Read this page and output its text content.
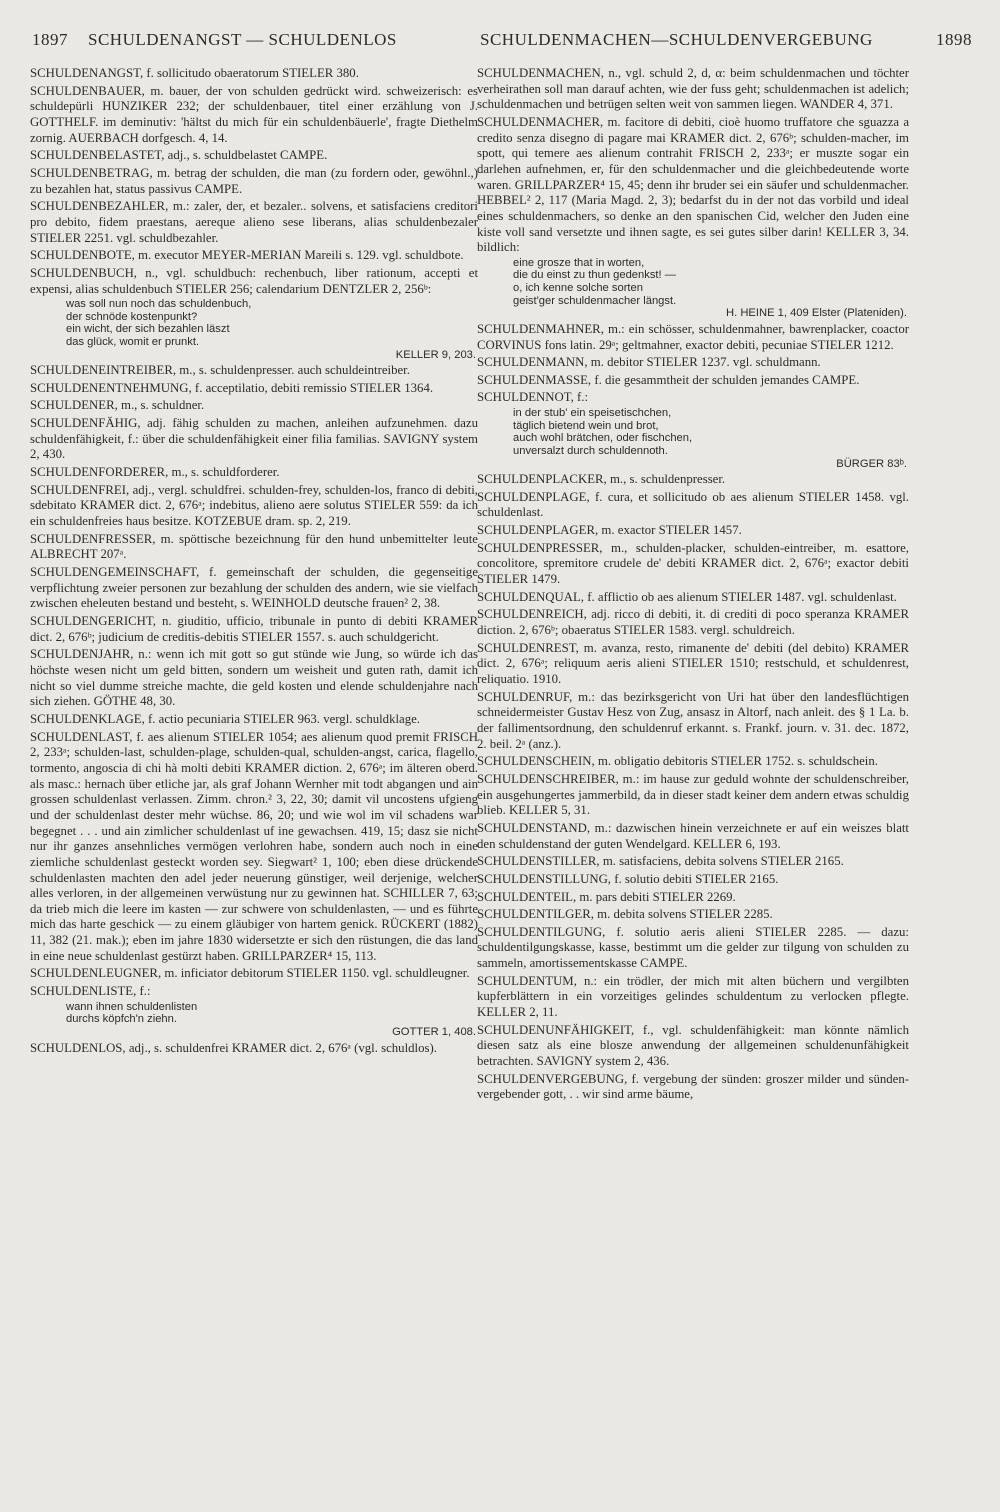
1897 SCHULDENANGST — SCHULDENLOS	SCHULDENMACHEN—SCHULDENVERGEBUNG	1898

SCHULDENANGST, f. sollicitudo obaeratorum STIELER 380.

SCHULDENBAUER, m. bauer, der von schulden gedrückt wird. schweizerisch: es schuldepürli HUNZIKER 232; der schuldenbauer, titel einer erzählung von J. GOTTHELF. im deminutiv: 'hältst du mich für ein schuldenbäuerle', fragte Diethelm zornig. AUERBACH dorfgesch. 4, 14.

SCHULDENBELASTET, adj., s. schuldbelastet CAMPE.

SCHULDENBETRAG, m. betrag der schulden, die man (zu fordern oder, gewöhnl.,) zu bezahlen hat, status passivus CAMPE.

SCHULDENBEZAHLER, m.: zaler, der, et bezaler.. solvens, et satisfaciens creditori pro debito, fidem praestans, aereque alieno sese liberans, alias schuldenbezaler STIELER 2251. vgl. schuldbezahler.

SCHULDENBOTE, m. executor MEYER-MERIAN Mareili s. 129. vgl. schuldbote.

SCHULDENBUCH, n., vgl. schuldbuch: rechenbuch, liber rationum, accepti et expensi, alias schuldenbuch STIELER 256; calendarium DENTZLER 2, 256ᵇ:

was soll nun noch das schuldenbuch,
der schnöde kostenpunkt?
ein wicht, der sich bezahlen läszt
das glück, womit er prunkt.
KELLER 9, 203.

SCHULDENEINTREIBER, m., s. schuldenpresser. auch schuldeintreiber.

SCHULDENENTNEHMUNG, f. acceptilatio, debiti remissio STIELER 1364.

SCHULDENER, m., s. schuldner.

SCHULDENFÄHIG, adj. fähig schulden zu machen, anleihen aufzunehmen. dazu schuldenfähigkeit, f.: über die schuldenfähigkeit einer filia familias. SAVIGNY system 2, 430.

SCHULDENFORDERER, m., s. schuldforderer.

SCHULDENFREI, adj., vergl. schuldfrei. schulden-frey, schulden-los, franco di debiti, sdebitato KRAMER dict. 2, 676ᵃ; indebitus, alieno aere solutus STIELER 559: da ich ein schuldenfreies haus besitze. KOTZEBUE dram. sp. 2, 219.

SCHULDENFRESSER, m. spöttische bezeichnung für den hund unbemittelter leute ALBRECHT 207ᵃ.

SCHULDENGEMEINSCHAFT, f. gemeinschaft der schulden, die gegenseitige verpflichtung zweier personen zur bezahlung der schulden des andern, wie sie vielfach zwischen eheleuten bestand und besteht, s. WEINHOLD deutsche frauen² 2, 38.

SCHULDENGERICHT, n. giuditio, ufficio, tribunale in punto di debiti KRAMER dict. 2, 676ᵇ; judicium de creditis-debitis STIELER 1557. s. auch schuldgericht.

SCHULDENJAHR, n.: wenn ich mit gott so gut stünde wie Jung, so würde ich das höchste wesen nicht um geld bitten, sondern um weisheit und guten rath, damit ich nicht so viel dumme streiche machte, die geld kosten und elende schuldenjahre nach sich ziehen. GÖTHE 48, 30.

SCHULDENKLAGE, f. actio pecuniaria STIELER 963. vergl. schuldklage.

SCHULDENLAST, f. aes alienum STIELER 1054; aes alienum quod premit FRISCH 2, 233ᵃ; schulden-last, schulden-plage, schulden-qual, schulden-angst, carica, flagello, tormento, angoscia di chi hà molti debiti KRAMER diction. 2, 676ᵃ; im älteren oberd. als masc.: hernach über etliche jar, als graf Johann Wernher mit todt abgangen und ain grossen schuldenlast verlassen. Zimm. chron.² 3, 22, 30; damit vil uncostens ufgieng und der schuldenlast dester mehr wüchse. 86, 20; und wie wol im vil schadens war begegnet . . . und ain zimlicher schuldenlast uf ine gewachsen. 419, 15; dasz sie nicht nur ihr ganzes ansehnliches vermögen verlohren habe, sondern auch noch in eine ziemliche schuldenlast gesteckt worden sey. Siegwart² 1, 100; eben diese drückende schuldenlasten machten den adel jeder neuerung günstiger, weil derjenige, welcher alles verloren, in der allgemeinen verwüstung nur zu gewinnen hat. SCHILLER 7, 63; da trieb mich die leere im kasten — zur schwere von schuldenlasten, — und es führte mich das harte geschick — zu einem gläubiger von hartem genick. RÜCKERT (1882) 11, 382 (21. mak.); eben im jahre 1830 widersetzte er sich den rüstungen, die das land in eine neue schuldenlast gestürzt haben. GRILLPARZER⁴ 15, 113.

SCHULDENLEUGNER, m. inficiator debitorum STIELER 1150. vgl. schuldleugner.

SCHULDENLISTE, f.:

wann ihnen schuldenlisten
durchs köpfch'n ziehn.
GOTTER 1, 408.

SCHULDENLOS, adj., s. schuldenfrei KRAMER dict. 2, 676ᵃ (vgl. schuldlos).

SCHULDENMACHEN, n., vgl. schuld 2, d, α: beim schuldenmachen und töchter verheirathen soll man darauf achten, wie der fuss geht; schuldenmachen ist adelich; schuldenmachen und betrügen selten weit von sammen liegen. WANDER 4, 371.

SCHULDENMACHER, m. facitore di debiti, cioè huomo truffatore che sguazza a credito senza disegno di pagare mai KRAMER dict. 2, 676ᵇ; schulden-macher, im spott, qui temere aes alienum contrahit FRISCH 2, 233ᵃ; er muszte sogar ein darlehen aufnehmen, er, für den schuldenmacher und die gleichbedeutende worte waren. GRILLPARZER⁴ 15, 45; denn ihr bruder sei ein säufer und schuldenmacher. HEBBEL² 2, 117 (Maria Magd. 2, 3); bedarfst du in der not das vorbild und ideal eines schuldenmachers, so denke an den spanischen Cid, welcher den Juden eine kiste voll sand versetzte und ihnen sagte, es sei gutes silber darin! KELLER 3, 34. bildlich:

eine grosze that in worten,
die du einst zu thun gedenkst! —
o, ich kenne solche sorten
geist'ger schuldenmacher längst.
H. HEINE 1, 409 Elster (Plateniden).

SCHULDENMAHNER, m.: ein schösser, schuldenmahner, bawrenplacker, coactor CORVINUS fons latin. 29ᵃ; geltmahner, exactor debiti, pecuniae STIELER 1212.

SCHULDENMANN, m. debitor STIELER 1237. vgl. schuldmann.

SCHULDENMASSE, f. die gesammtheit der schulden jemandes CAMPE.

SCHULDENNOT, f.:

in der stub' ein speisetischchen,
täglich bietend wein und brot,
auch wohl brätchen, oder fischchen,
unversalzt durch schuldennoth.
BÜRGER 83ᵇ.

SCHULDENPLACKER, m., s. schuldenpresser.

SCHULDENPLAGE, f. cura, et sollicitudo ob aes alienum STIELER 1458. vgl. schuldenlast.

SCHULDENPLAGER, m. exactor STIELER 1457.

SCHULDENPRESSER, m., schulden-placker, schulden-eintreiber, m. esattore, concolitore, spremitore crudele de' debiti KRAMER dict. 2, 676ᵃ; exactor debiti STIELER 1479.

SCHULDENQUAL, f. afflictio ob aes alienum STIELER 1487. vgl. schuldenlast.

SCHULDENREICH, adj. ricco di debiti, it. di crediti di poco speranza KRAMER diction. 2, 676ᵇ; obaeratus STIELER 1583. vergl. schuldreich.

SCHULDENREST, m. avanza, resto, rimanente de' debiti (del debito) KRAMER dict. 2, 676ᵃ; reliquum aeris alieni STIELER 1510; restschuld, et schuldenrest, reliquatio. 1910.

SCHULDENRUF, m.: das bezirksgericht von Uri hat über den landesflüchtigen schneidermeister Gustav Hesz von Zug, ansasz in Altorf, nach anleit. des § 1 La. b. der fallimentsordnung, den schuldenruf erkannt. s. Frankf. journ. v. 31. dec. 1872, 2. beil. 2ᵃ (anz.).

SCHULDENSCHEIN, m. obligatio debitoris STIELER 1752. s. schuldschein.

SCHULDENSCHREIBER, m.: im hause zur geduld wohnte der schuldenschreiber, ein ausgehungertes jammerbild, da in dieser stadt keiner dem andern etwas schuldig blieb. KELLER 5, 31.

SCHULDENSTAND, m.: dazwischen hinein verzeichnete er auf ein weiszes blatt den schuldenstand der guten Wendelgard. KELLER 6, 193.

SCHULDENSTILLER, m. satisfaciens, debita solvens STIELER 2165.

SCHULDENSTILLUNG, f. solutio debiti STIELER 2165.

SCHULDENTEIL, m. pars debiti STIELER 2269.

SCHULDENTILGER, m. debita solvens STIELER 2285.

SCHULDENTILGUNG, f. solutio aeris alieni STIELER 2285. — dazu: schuldentilgungskasse, kasse, bestimmt um die gelder zur tilgung von schulden zu sammeln, amortissementskasse CAMPE.

SCHULDENTUM, n.: ein trödler, der mich mit alten büchern und vergilbten kupferblättern in ein vorzeitiges gelindes schuldentum zu verlocken pflegte. KELLER 2, 11.

SCHULDENUNFÄHIGKEIT, f., vgl. schuldenfähigkeit: man könnte nämlich diesen satz als eine blosze anwendung der allgemeinen schuldenunfähigkeit betrachten. SAVIGNY system 2, 436.

SCHULDENVERGEBUNG, f. vergebung der sünden: groszer milder und sünden-vergebender gott, . . wir sind arme bäume,
